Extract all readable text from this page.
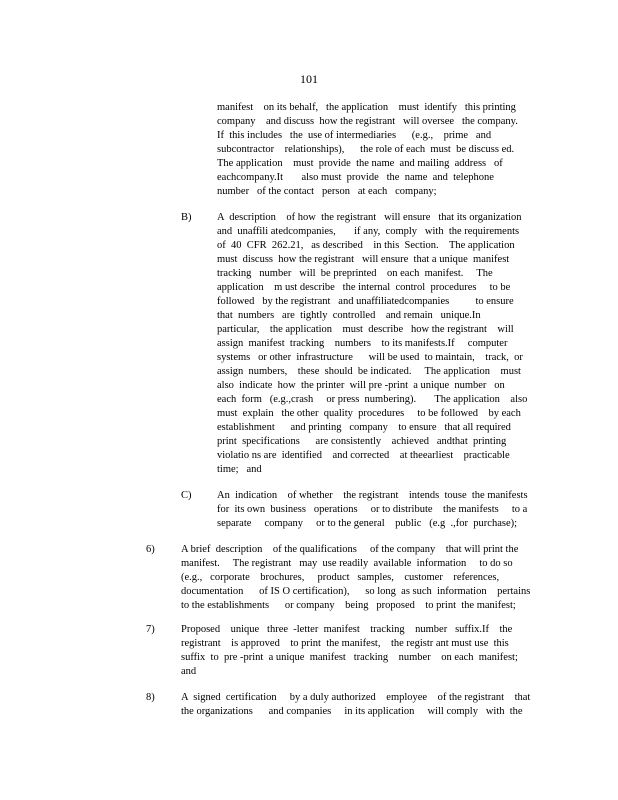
101
manifest    on its behalf,   the application    must  identify   this printing
company    and discuss  how the registrant   will oversee   the company.
If  this includes   the  use of intermediaries      (e.g.,    prime   and
subcontractor    relationships),      the role of each  must  be discuss ed.
The application    must  provide  the name  and mailing  address   of
eachcompany.It       also must  provide   the  name  and  telephone
number   of the contact   person   at each   company;
B) A  description    of how  the registrant   will ensure   that its organization
and  unaffili atedcompanies,       if any,  comply   with  the requirements
of  40  CFR  262.21,   as described    in this  Section.    The application
must  discuss  how the registrant   will ensure  that a unique  manifest
tracking   number   will  be preprinted    on each  manifest.     The
application    m ust describe   the internal  control  procedures     to be
followed   by the registrant   and unaffiliatedcompanies          to ensure
that  numbers   are  tightly  controlled    and remain   unique.In
particular,    the application    must  describe   how the registrant    will
assign  manifest  tracking    numbers    to its manifests.If     computer
systems   or other  infrastructure      will be used  to maintain,    track,  or
assign  numbers,    these  should  be indicated.     The application    must
also  indicate  how  the printer  will pre -print  a unique  number   on
each  form   (e.g.,crash     or press  numbering).       The application    also
must  explain   the other  quality  procedures     to be followed    by each
establishment      and printing   company    to ensure   that all required
print  specifications      are consistently    achieved   andthat  printing
violatio ns are  identified    and corrected    at theearliest    practicable
time;   and
C) An  indication    of whether    the registrant    intends  touse  the manifests
for  its own  business   operations     or to distribute    the manifests     to a
separate     company     or to the general    public   (e.g  .,for  purchase);
6)	A brief  description    of the qualifications     of the company    that will print the
manifest.     The registrant   may  use readily  available  information     to do so
(e.g.,   corporate    brochures,     product   samples,    customer    references,
documentation      of IS O certification),      so long  as such  information    pertains
to the establishments      or company    being   proposed    to print  the manifest;
7)	Proposed    unique   three  -letter  manifest    tracking    number   suffix.If    the
registrant    is approved    to print  the manifest,    the registr ant must use  this
suffix  to  pre -print  a unique  manifest   tracking    number    on each  manifest;
and
8)	A  signed  certification     by a duly authorized    employee    of the registrant    that
the organizations      and companies     in its application     will comply   with  the
